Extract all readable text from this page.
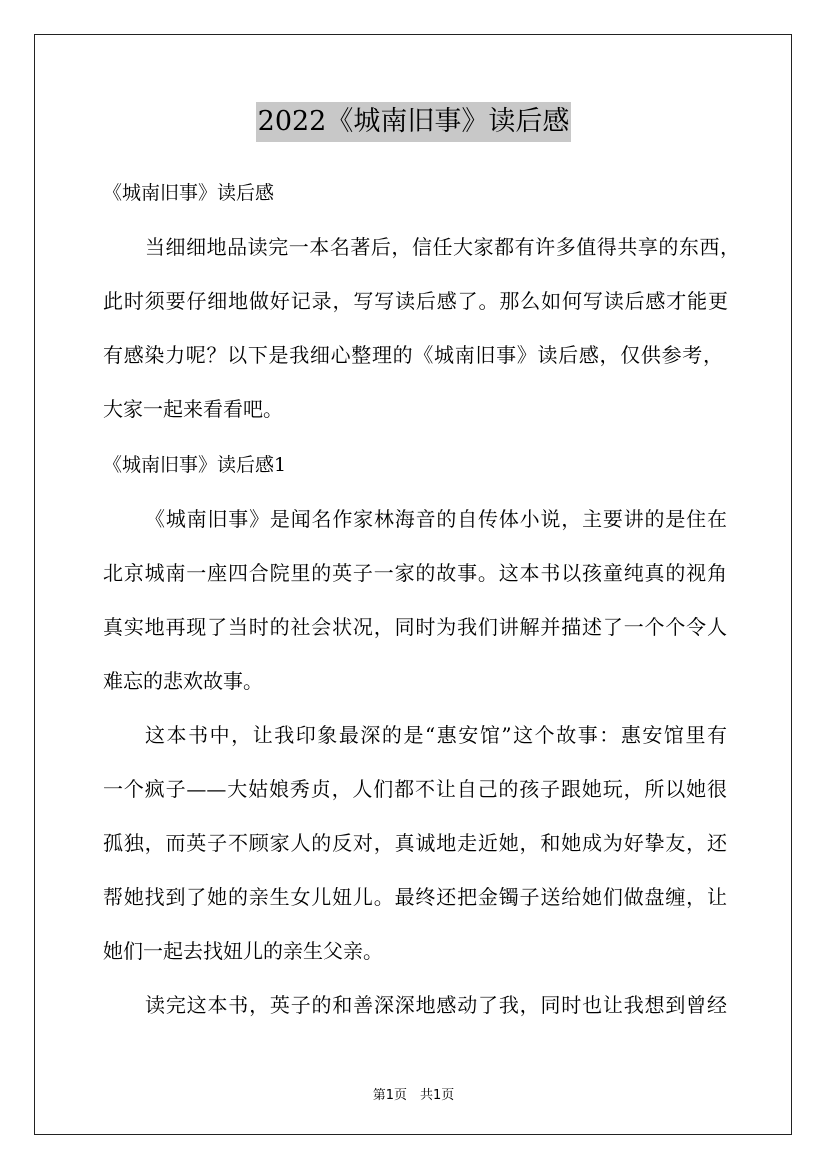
2022《城南旧事》读后感
《城南旧事》读后感
当细细地品读完一本名著后，信任大家都有许多值得共享的东西，
此时须要仔细地做好记录，写写读后感了。那么如何写读后感才能更
有感染力呢？以下是我细心整理的《城南旧事》读后感，仅供参考，
大家一起来看看吧。
《城南旧事》读后感1
《城南旧事》是闻名作家林海音的自传体小说，主要讲的是住在
北京城南一座四合院里的英子一家的故事。这本书以孩童纯真的视角
真实地再现了当时的社会状况，同时为我们讲解并描述了一个个令人
难忘的悲欢故事。
这本书中，让我印象最深的是“惠安馆”这个故事：惠安馆里有
一个疯子——大姑娘秀贞，人们都不让自己的孩子跟她玩，所以她很
孤独，而英子不顾家人的反对，真诚地走近她，和她成为好挚友，还
帮她找到了她的亲生女儿妞儿。最终还把金镯子送给她们做盘缠，让
她们一起去找妞儿的亲生父亲。
读完这本书，英子的和善深深地感动了我，同时也让我想到曾经
第1页　共1页
